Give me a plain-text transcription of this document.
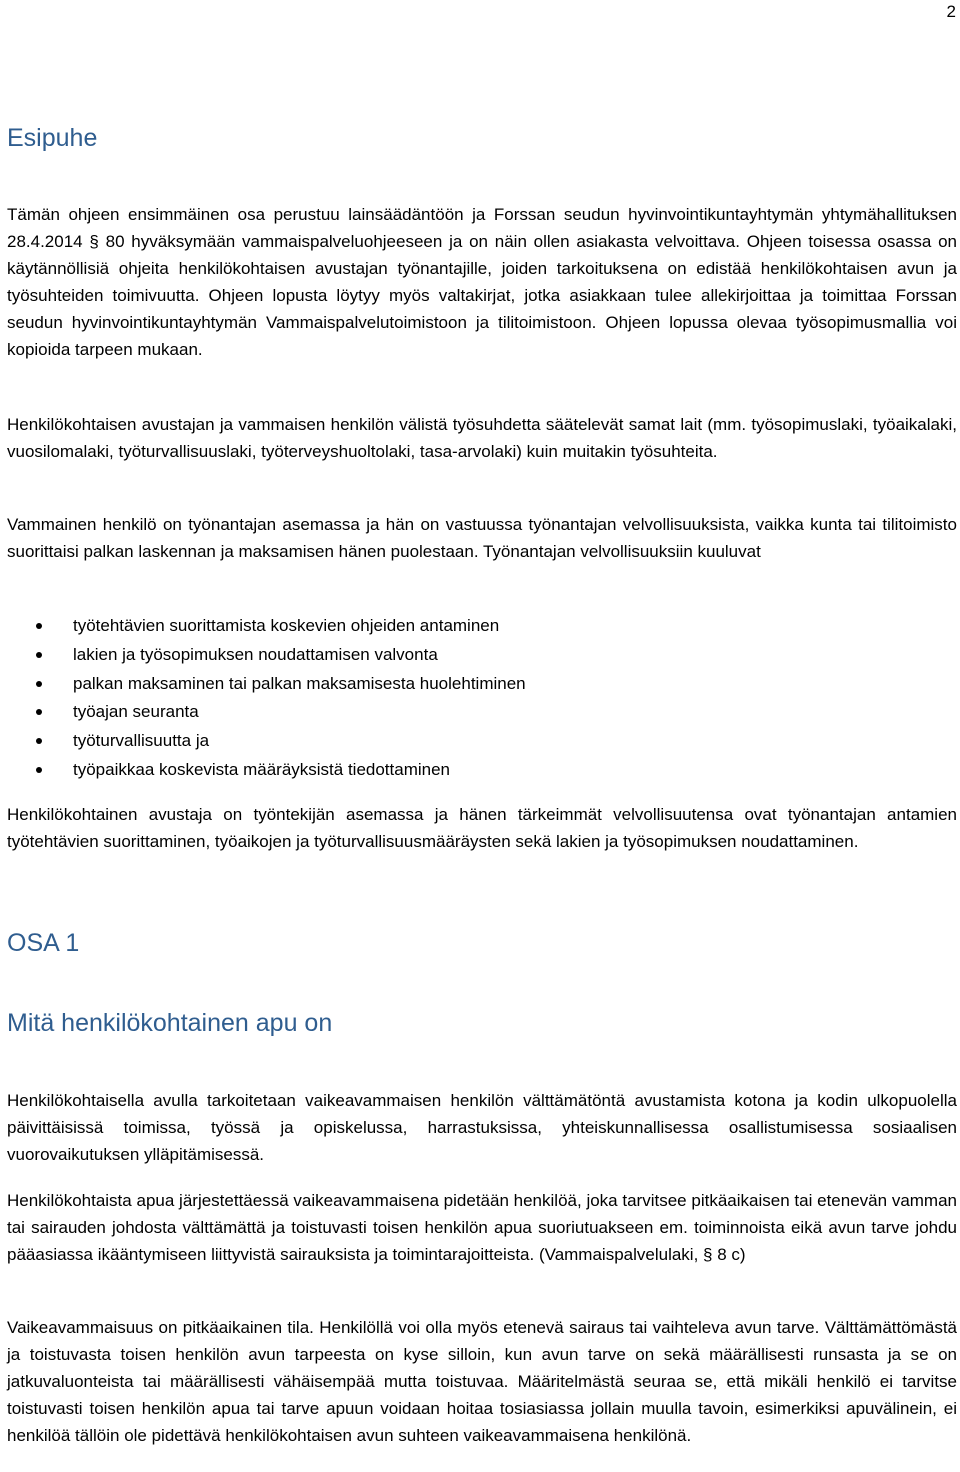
2
Esipuhe

Tämän ohjeen ensimmäinen osa perustuu lainsäädäntöön ja Forssan seudun hyvinvointikuntayhtymän yhtymähallituksen 28.4.2014 § 80 hyväksymään vammaispalveluohjeeseen ja on näin ollen asiakasta velvoittava. Ohjeen toisessa osassa on käytännöllisiä ohjeita henkilökohtaisen avustajan työnantajille, joiden tarkoituksena on edistää henkilökohtaisen avun ja työsuhteiden toimivuutta. Ohjeen lopusta löytyy myös valtakirjat, jotka asiakkaan tulee allekirjoittaa ja toimittaa Forssan seudun hyvinvointikuntayhtymän Vammaispalvelutoimistoon ja tilitoimistoon. Ohjeen lopussa olevaa työsopimusmallia voi kopioida tarpeen mukaan.

Henkilökohtaisen avustajan ja vammaisen henkilön välistä työsuhdetta säätelevät samat lait (mm. työsopimuslaki, työaikalaki, vuosilomalaki, työturvallisuuslaki, työterveyshuoltolaki, tasa-arvolaki) kuin muitakin työsuhteita.

Vammainen henkilö on työnantajan asemassa ja hän on vastuussa työnantajan velvollisuuksista, vaikka kunta tai tilitoimisto suorittaisi palkan laskennan ja maksamisen hänen puolestaan. Työnantajan velvollisuuksiin kuuluvat

työtehtävien suorittamista koskevien ohjeiden antaminen
lakien ja työsopimuksen noudattamisen valvonta
palkan maksaminen tai palkan maksamisesta huolehtiminen
työajan seuranta
työturvallisuutta ja
työpaikkaa koskevista määräyksistä tiedottaminen

Henkilökohtainen avustaja on työntekijän asemassa ja hänen tärkeimmät velvollisuutensa ovat työnantajan antamien työtehtävien suorittaminen, työaikojen ja työturvallisuusmääräysten sekä lakien ja työsopimuksen noudattaminen.

OSA 1
Mitä henkilökohtainen apu on

Henkilökohtaisella avulla tarkoitetaan vaikeavammaisen henkilön välttämätöntä avustamista kotona ja kodin ulkopuolella päivittäisissä toimissa, työssä ja opiskelussa, harrastuksissa, yhteiskunnallisessa osallistumisessa sosiaalisen vuorovaikutuksen ylläpitämisessä.

Henkilökohtaista apua järjestettäessä vaikeavammaisena pidetään henkilöä, joka tarvitsee pitkäaikaisen tai etenevän vamman tai sairauden johdosta välttämättä ja toistuvasti toisen henkilön apua suoriutuakseen em. toiminnoista eikä avun tarve johdu pääasiassa ikääntymiseen liittyvistä sairauksista ja toimintarajoitteista. (Vammaispalvelulaki, § 8 c)

Vaikeavammaisuus on pitkäaikainen tila. Henkilöllä voi olla myös etenevä sairaus tai vaihteleva avun tarve. Välttämättömästä ja toistuvasta toisen henkilön avun tarpeesta on kyse silloin, kun avun tarve on sekä määrällisesti runsasta ja se on jatkuvaluonteista tai määrällisesti vähäisempää mutta toistuvaa. Määritelmästä seuraa se, että mikäli henkilö ei tarvitse toistuvasti toisen henkilön apua tai tarve apuun voidaan hoitaa tosiasiassa jollain muulla tavoin, esimerkiksi apuvälinein, ei henkilöä tällöin ole pidettävä henkilökohtaisen avun suhteen vaikeavammaisena henkilönä.
